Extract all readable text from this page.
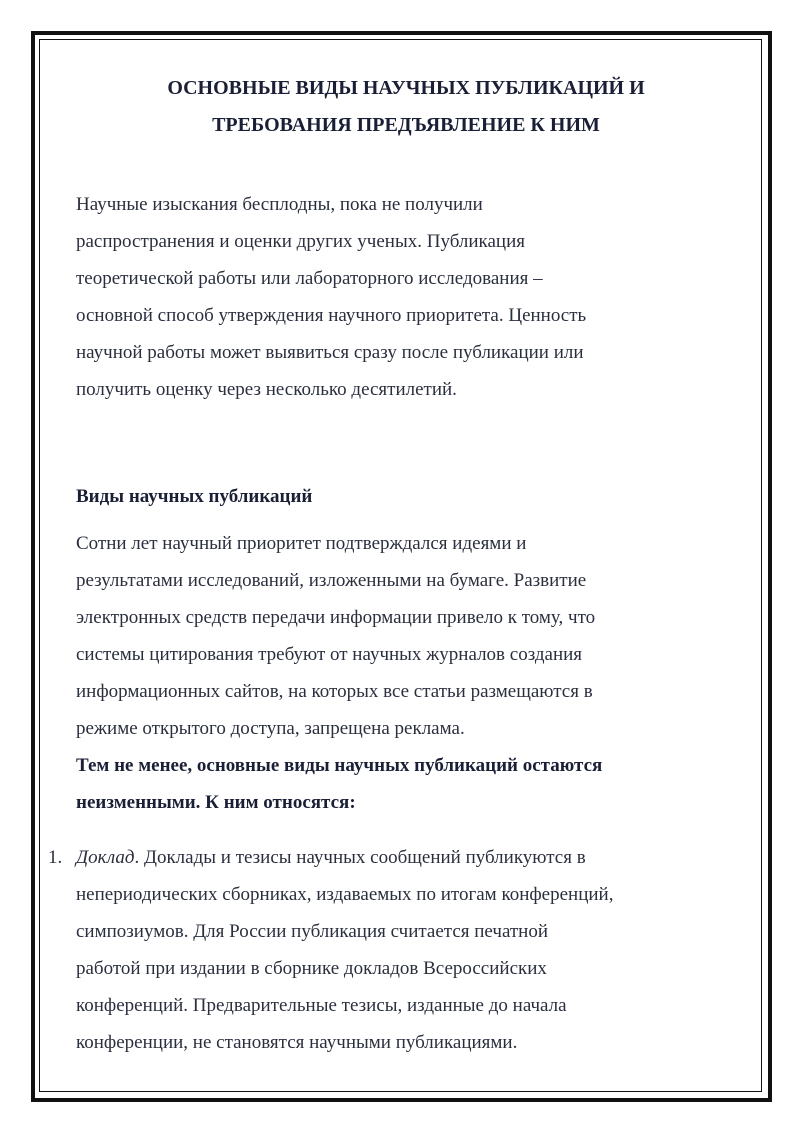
ОСНОВНЫЕ ВИДЫ НАУЧНЫХ ПУБЛИКАЦИЙ И
ТРЕБОВАНИЯ ПРЕДЪЯВЛЕНИЕ К НИМ

Научные изыскания бесплодны, пока не получили
распространения и оценки других ученых. Публикация
теоретической работы или лабораторного исследования –
основной способ утверждения научного приоритета. Ценность
научной работы может выявиться сразу после публикации или
получить оценку через несколько десятилетий.

Виды научных публикаций

Сотни лет научный приоритет подтверждался идеями и
результатами исследований, изложенными на бумаге. Развитие
электронных средств передачи информации привело к тому, что
системы цитирования требуют от научных журналов создания
информационных сайтов, на которых все статьи размещаются в
режиме открытого доступа, запрещена реклама.

Тем не менее, основные виды научных публикаций остаются
неизменными. К ним относятся:

1. Доклад. Доклады и тезисы научных сообщений публикуются в
непериодических сборниках, издаваемых по итогам конференций,
симпозиумов. Для России публикация считается печатной
работой при издании в сборнике докладов Всероссийских
конференций. Предварительные тезисы, изданные до начала
конференции, не становятся научными публикациями.
